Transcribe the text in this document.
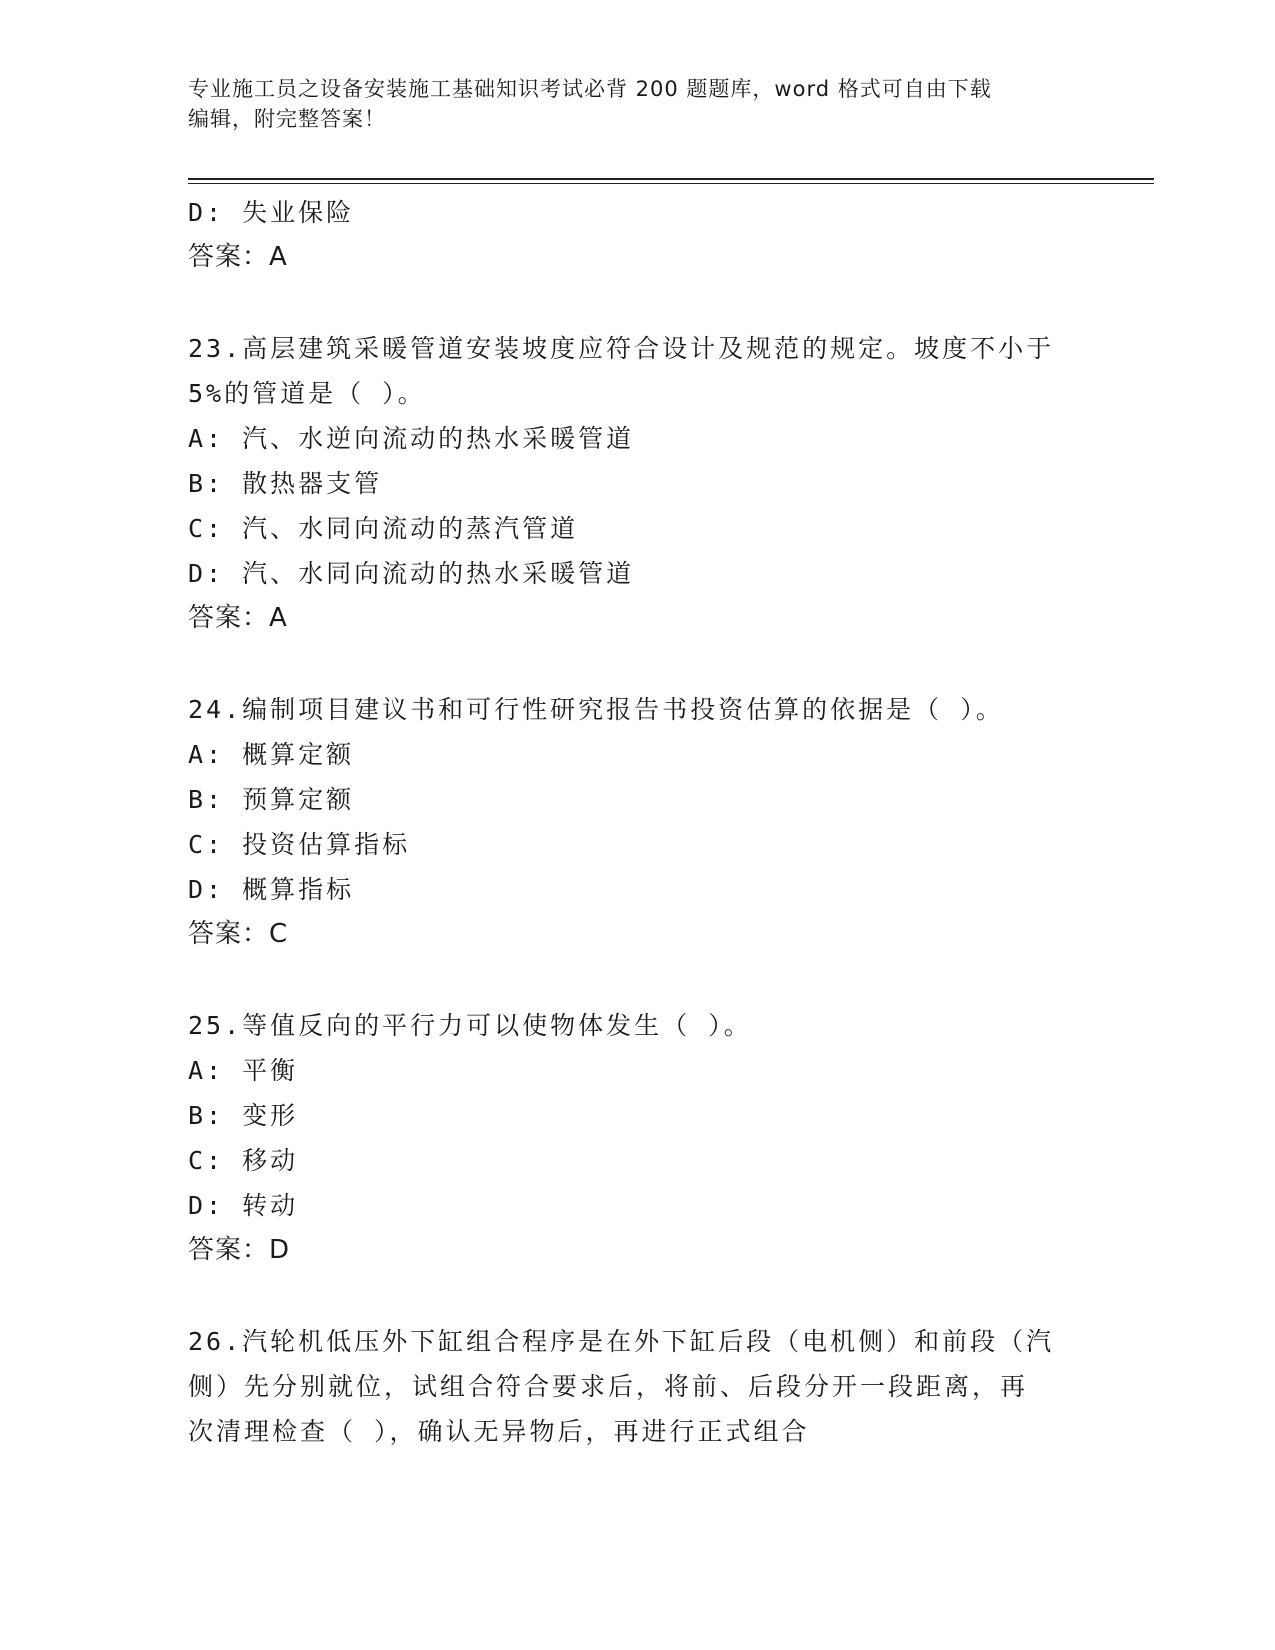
专业施工员之设备安装施工基础知识考试必背 200 题题库，word 格式可自由下载
编辑，附完整答案！
D: 失业保险
答案：A
23.高层建筑采暖管道安装坡度应符合设计及规范的规定。坡度不小于
5%的管道是（ ）。
A: 汽、水逆向流动的热水采暖管道
B: 散热器支管
C: 汽、水同向流动的蒸汽管道
D: 汽、水同向流动的热水采暖管道
答案：A
24.编制项目建议书和可行性研究报告书投资估算的依据是（ ）。
A: 概算定额
B: 预算定额
C: 投资估算指标
D: 概算指标
答案：C
25.等值反向的平行力可以使物体发生（ ）。
A: 平衡
B: 变形
C: 移动
D: 转动
答案：D
26.汽轮机低压外下缸组合程序是在外下缸后段（电机侧）和前段（汽
侧）先分别就位，试组合符合要求后，将前、后段分开一段距离，再
次清理检查（ ），确认无异物后，再进行正式组合
